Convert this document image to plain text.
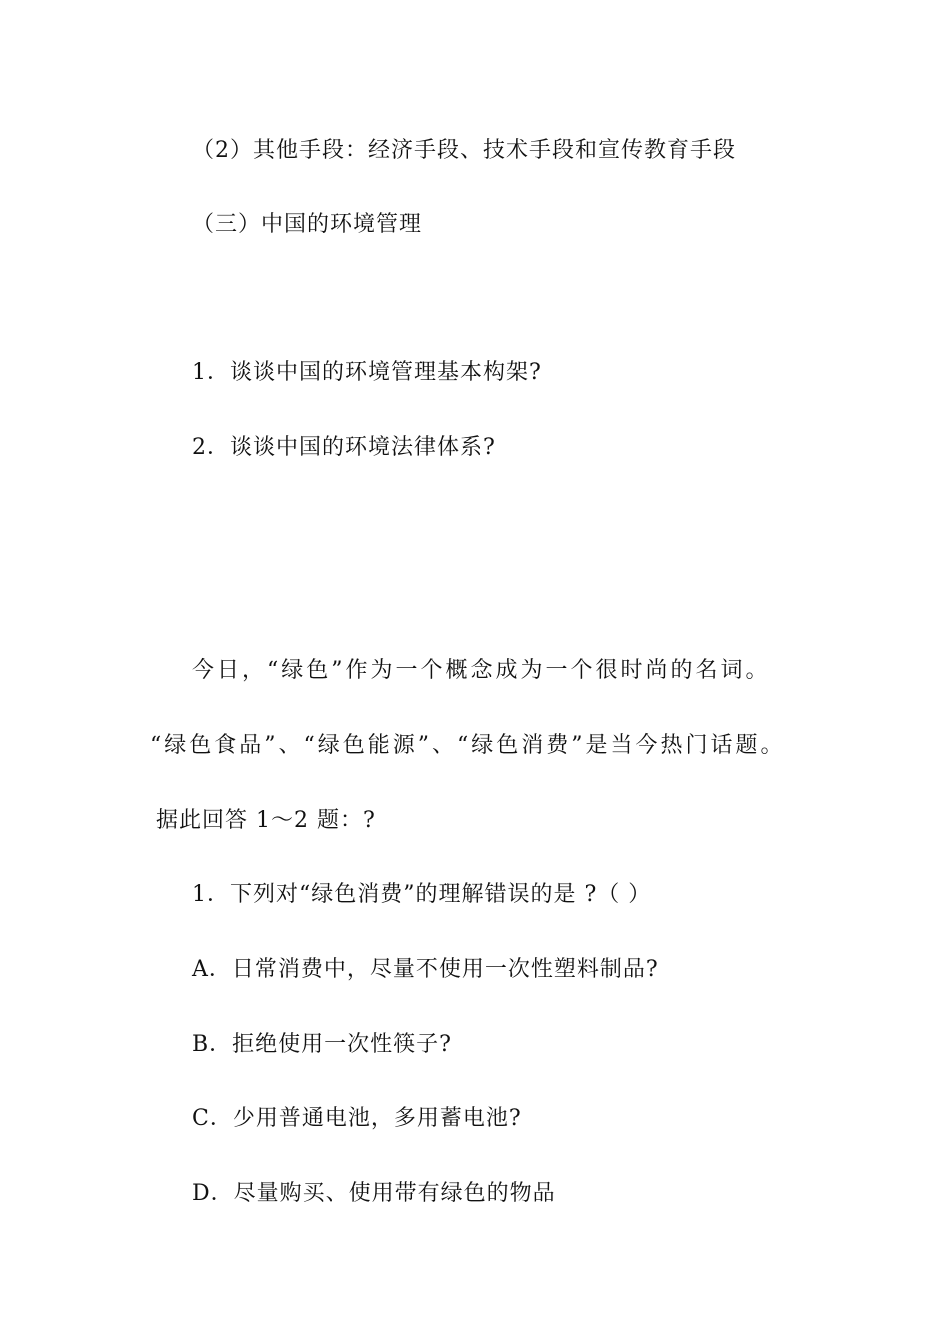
（2）其他手段：经济手段、技术手段和宣传教育手段
（三）中国的环境管理
1．谈谈中国的环境管理基本构架?
2．谈谈中国的环境法律体系?
今日，“绿色”作为一个概念成为一个很时尚的名词。
“绿色食品”、“绿色能源”、“绿色消费”是当今热门话题。
据此回答 1～2 题：?
1．下列对“绿色消费”的理解错误的是 ?（ ）
A．日常消费中，尽量不使用一次性塑料制品?
B．拒绝使用一次性筷子?
C．少用普通电池，多用蓄电池?
D．尽量购买、使用带有绿色的物品
